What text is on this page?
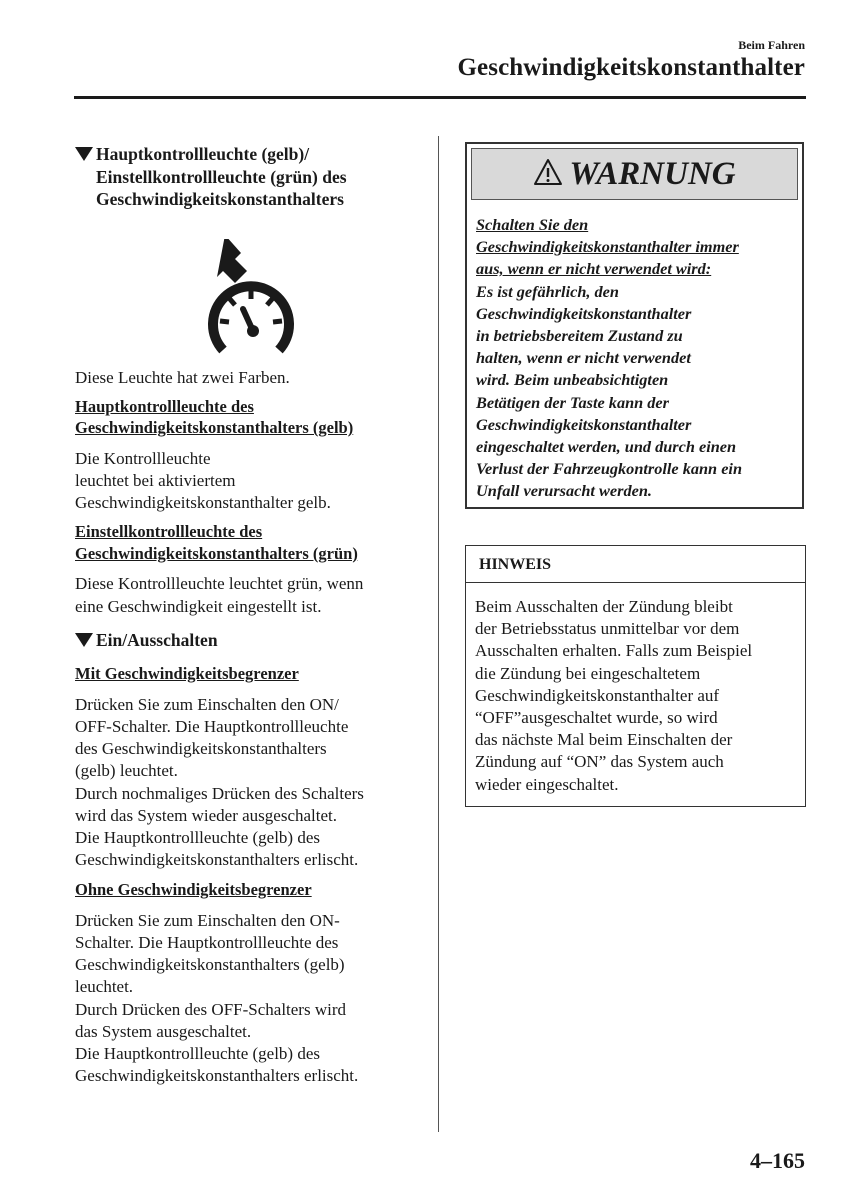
Beim Fahren
Geschwindigkeitskonstanthalter
Hauptkontrollleuchte (gelb)/
Einstellkontrollleuchte (grün) des
Geschwindigkeitskonstanthalters
Diese Leuchte hat zwei Farben.
Hauptkontrollleuchte des
Geschwindigkeitskonstanthalters (gelb)
Die Kontrollleuchte
leuchtet bei aktiviertem
Geschwindigkeitskonstanthalter gelb.
Einstellkontrollleuchte des
Geschwindigkeitskonstanthalters (grün)
Diese Kontrollleuchte leuchtet grün, wenn
eine Geschwindigkeit eingestellt ist.
Ein/Ausschalten
Mit Geschwindigkeitsbegrenzer
Drücken Sie zum Einschalten den ON/
OFF-Schalter. Die Hauptkontrollleuchte
des Geschwindigkeitskonstanthalters
(gelb) leuchtet.
Durch nochmaliges Drücken des Schalters
wird das System wieder ausgeschaltet.
Die Hauptkontrollleuchte (gelb) des
Geschwindigkeitskonstanthalters erlischt.
Ohne Geschwindigkeitsbegrenzer
Drücken Sie zum Einschalten den ON-
Schalter. Die Hauptkontrollleuchte des
Geschwindigkeitskonstanthalters (gelb)
leuchtet.
Durch Drücken des OFF-Schalters wird
das System ausgeschaltet.
Die Hauptkontrollleuchte (gelb) des
Geschwindigkeitskonstanthalters erlischt.
WARNUNG
Schalten Sie den
Geschwindigkeitskonstanthalter immer
aus, wenn er nicht verwendet wird:
Es ist gefährlich, den
Geschwindigkeitskonstanthalter
in betriebsbereitem Zustand zu
halten, wenn er nicht verwendet
wird. Beim unbeabsichtigten
Betätigen der Taste kann der
Geschwindigkeitskonstanthalter
eingeschaltet werden, und durch einen
Verlust der Fahrzeugkontrolle kann ein
Unfall verursacht werden.
HINWEIS
Beim Ausschalten der Zündung bleibt
der Betriebsstatus unmittelbar vor dem
Ausschalten erhalten. Falls zum Beispiel
die Zündung bei eingeschaltetem
Geschwindigkeitskonstanthalter auf
“OFF”ausgeschaltet wurde, so wird
das nächste Mal beim Einschalten der
Zündung auf “ON” das System auch
wieder eingeschaltet.
4–165
